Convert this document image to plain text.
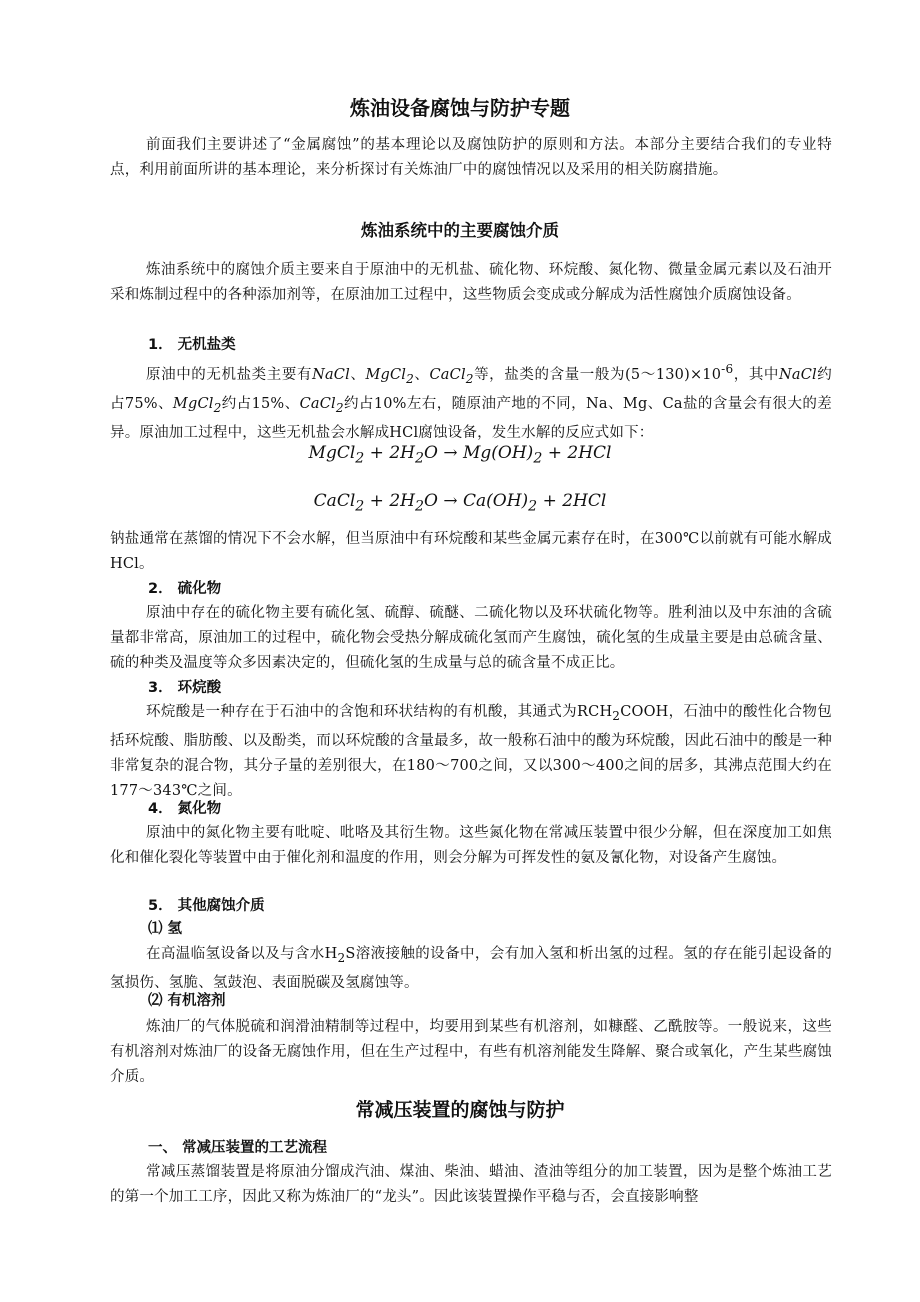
炼油设备腐蚀与防护专题

前面我们主要讲述了“金属腐蚀”的基本理论以及腐蚀防护的原则和方法。本部分主要结合我们的专业特点，利用前面所讲的基本理论，来分析探讨有关炼油厂中的腐蚀情况以及采用的相关防腐措施。

炼油系统中的主要腐蚀介质

炼油系统中的腐蚀介质主要来自于原油中的无机盐、硫化物、环烷酸、氮化物、微量金属元素以及石油开采和炼制过程中的各种添加剂等，在原油加工过程中，这些物质会变成或分解成为活性腐蚀介质腐蚀设备。

1． 无机盐类

原油中的无机盐类主要有NaCl、MgCl$_2$、CaCl$_2$等，盐类的含量一般为$(5\sim 130)\times 10^{-6}$，其中NaCl约占75%、MgCl$_2$约占15%、CaCl$_2$约占10%左右，随原油产地的不同，Na、Mg、Ca盐的含量会有很大的差异。原油加工过程中，这些无机盐会水解成HCl腐蚀设备，发生水解的反应式如下：

MgCl$_2$ + $2H_2O \to Mg(OH)_2 + 2HCl$

CaCl$_2$ + $2H_2O \to Ca(OH)_2 + 2HCl$

钠盐通常在蒸馏的情况下不会水解，但当原油中有环烷酸和某些金属元素存在时，在300℃以前就有可能水解成HCl。

2． 硫化物

原油中存在的硫化物主要有硫化氢、硫醇、硫醚、二硫化物以及环状硫化物等。胜利油以及中东油的含硫量都非常高，原油加工的过程中，硫化物会受热分解成硫化氢而产生腐蚀，硫化氢的生成量主要是由总硫含量、硫的种类及温度等众多因素决定的，但硫化氢的生成量与总的硫含量不成正比。

3． 环烷酸

环烷酸是一种存在于石油中的含饱和环状结构的有机酸，其通式为$RCH_2COOH$，石油中的酸性化合物包括环烷酸、脂肪酸、以及酚类，而以环烷酸的含量最多，故一般称石油中的酸为环烷酸，因此石油中的酸是一种非常复杂的混合物，其分子量的差别很大，在180～700之间，又以300～400之间的居多，其沸点范围大约在177～343℃之间。

4． 氮化物

原油中的氮化物主要有吡啶、吡咯及其衍生物。这些氮化物在常减压装置中很少分解，但在深度加工如焦化和催化裂化等装置中由于催化剂和温度的作用，则会分解为可挥发性的氨及氰化物，对设备产生腐蚀。

5． 其他腐蚀介质

⑴ 氢

在高温临氢设备以及与含水$H_2S$溶液接触的设备中，会有加入氢和析出氢的过程。氢的存在能引起设备的氢损伤、氢脆、氢鼓泡、表面脱碳及氢腐蚀等。

⑵ 有机溶剂

炼油厂的气体脱硫和润滑油精制等过程中，均要用到某些有机溶剂，如糠醛、乙酰胺等。一般说来，这些有机溶剂对炼油厂的设备无腐蚀作用，但在生产过程中，有些有机溶剂能发生降解、聚合或氧化，产生某些腐蚀介质。

常减压装置的腐蚀与防护

一、 常减压装置的工艺流程

常减压蒸馏装置是将原油分馏成汽油、煤油、柴油、蜡油、渣油等组分的加工装置，因为是整个炼油工艺的第一个加工工序，因此又称为炼油厂的“龙头”。因此该装置操作平稳与否，会直接影响整
